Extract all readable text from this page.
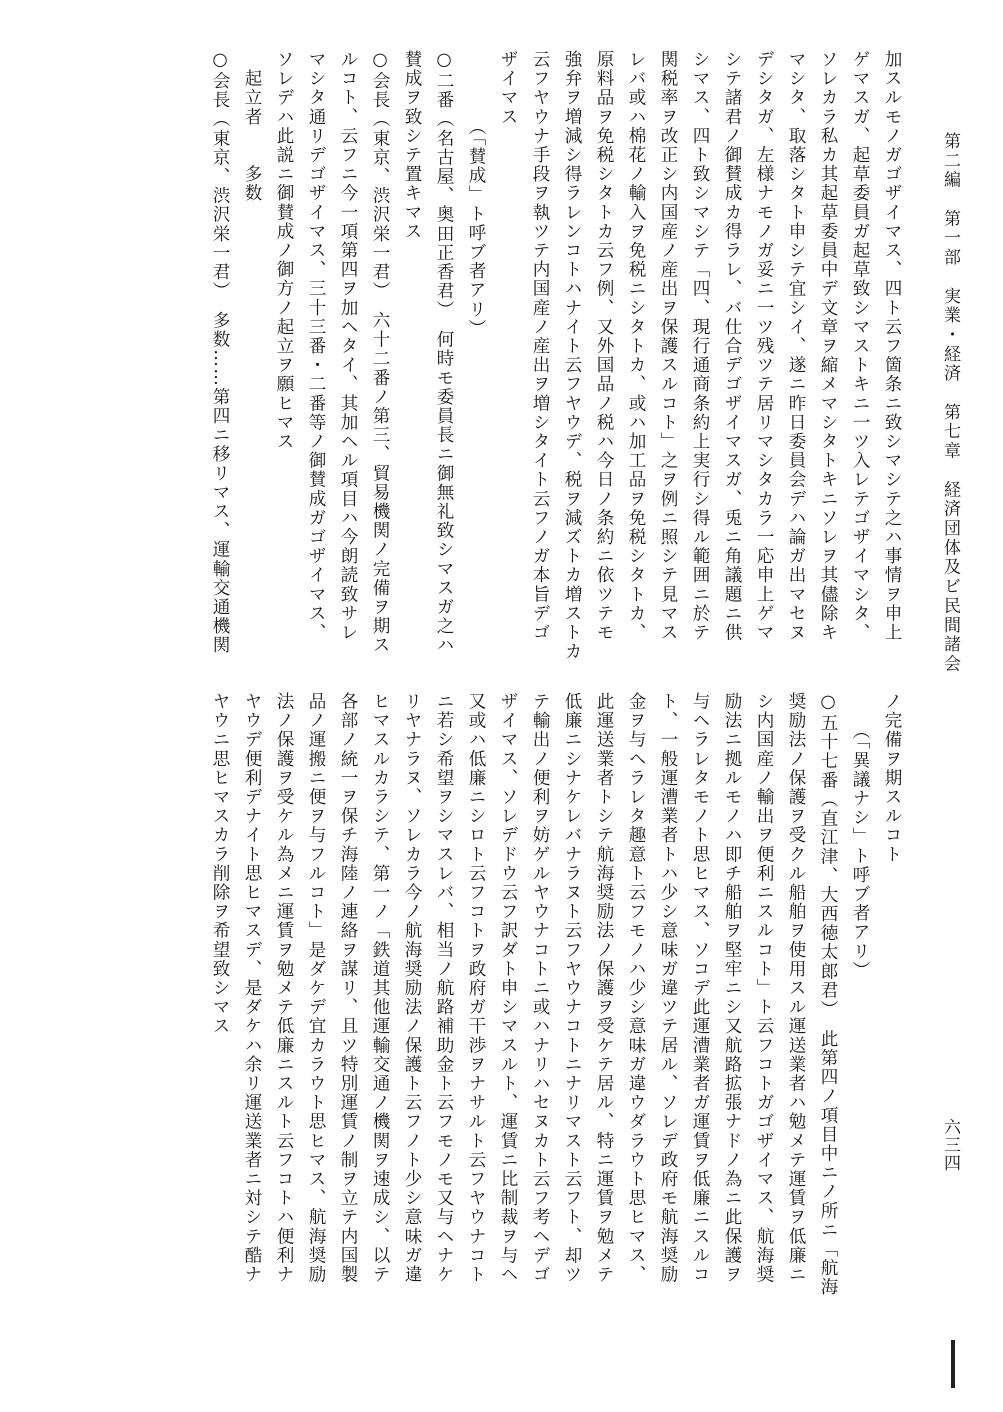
第二編　第一部　実業・経済　第七章　経済団体及ビ民間諸会
六三四
加スルモノガゴザイマス、四ト云フ箇条ニ致シマシテ之ハ事情ヲ申上
ゲマスガ、起草委員ガ起草致シマストキニ一ツ入レテゴザイマシタ、
ソレカラ私カ其起草委員中デ文章ヲ縮メマシタトキニソレヲ其儘除キ
マシタ、取落シタト申シテ宜シイ、遂ニ昨日委員会デハ論ガ出マセヌ
デシタガ、左様ナモノガ妥ニ一ツ残ツテ居リマシタカラ一応申上ゲマ
シテ諸君ノ御賛成カ得ラレ、バ仕合デゴザイマスガ、兎ニ角議題ニ供
シマス、四ト致シマシテ「四、現行通商条約上実行シ得ル範囲ニ於テ
関税率ヲ改正シ内国産ノ産出ヲ保護スルコト」之ヲ例ニ照シテ見マス
レバ或ハ棉花ノ輸入ヲ免税ニシタトカ、或ハ加工品ヲ免税シタトカ、
原料品ヲ免税シタトカ云フ例、又外国品ノ税ハ今日ノ条約ニ依ツテモ
強弁ヲ増減シ得ラレンコトハナイト云フヤウデ、税ヲ減ズトカ増ストカ
云フヤウナ手段ヲ執ツテ内国産ノ産出ヲ増シタイト云フノガ本旨デゴ
ザイマス
　　　　（「賛成」ト呼ブ者アリ）
○二番（名古屋、奥田正香君）　何時モ委員長ニ御無礼致シマスガ之ハ
賛成ヲ致シテ置キマス
○会長（東京、渋沢栄一君）　六十二番ノ第三、貿易機関ノ完備ヲ期ス
ルコト、云フニ今一項第四ヲ加ヘタイ、其加ヘル項目ハ今朗読致サレ
マシタ通リデゴザイマス、三十三番・二番等ノ御賛成ガゴザイマス、
ソレデハ此説ニ御賛成ノ御方ノ起立ヲ願ヒマス
　起立者　　多数
○会長（東京、渋沢栄一君）　多数……第四ニ移リマス、運輸交通機関
ノ完備ヲ期スルコト
　　（「異議ナシ」ト呼ブ者アリ）
○五十七番（直江津、大西徳太郎君）　此第四ノ項目中ニノ所ニ「航海
奨励法ノ保護ヲ受クル船舶ヲ使用スル運送業者ハ勉メテ運賃ヲ低廉ニ
シ内国産ノ輸出ヲ便利ニスルコト」ト云フコトガゴザイマス、航海奨
励法ニ拠ルモノハ即チ船舶ヲ堅牢ニシ又航路拡張ナドノ為ニ此保護ヲ
与ヘラレタモノト思ヒマス、ソコデ此運漕業者ガ運賃ヲ低廉ニスルコ
ト、一般運漕業者トハ少シ意味ガ違ツテ居ル、ソレデ政府モ航海奨励
金ヲ与ヘラレタ趣意ト云フモノハ少シ意味ガ違ウダラウト思ヒマス、
此運送業者トシテ航海奨励法ノ保護ヲ受ケテ居ル、特ニ運賃ヲ勉メテ
低廉ニシナケレバナラヌト云フヤウナコトニナリマスト云フト、却ツ
テ輸出ノ便利ヲ妨ゲルヤウナコトニ或ハナリハセヌカト云フ考ヘデゴ
ザイマス、ソレデドウ云フ訳ダト申シマスルト、運賃ニ比制裁ヲ与ヘ
又或ハ低廉ニシロト云フコトヲ政府ガ干渉ヲナサルト云フヤウナコト
ニ若シ希望ヲシマスレバ、相当ノ航路補助金ト云フモノモ又与ヘナケ
リヤナラヌ、ソレカラ今ノ航海奨励法ノ保護ト云フノト少シ意味ガ違
ヒマスルカラシテ、第一ノ「鉄道其他運輸交通ノ機関ヲ速成シ、以テ
各部ノ統一ヲ保チ海陸ノ連絡ヲ謀リ、且ツ特別運賃ノ制ヲ立テ内国製
品ノ運搬ニ便ヲ与フルコト」是ダケデ宜カラウト思ヒマス、航海奨励
法ノ保護ヲ受ケル為メニ運賃ヲ勉メテ低廉ニスルト云フコトハ便利ナ
ヤウデ便利デナイト思ヒマスデ、是ダケハ余リ運送業者ニ対シテ酷ナ
ヤウニ思ヒマスカラ削除ヲ希望致シマス
